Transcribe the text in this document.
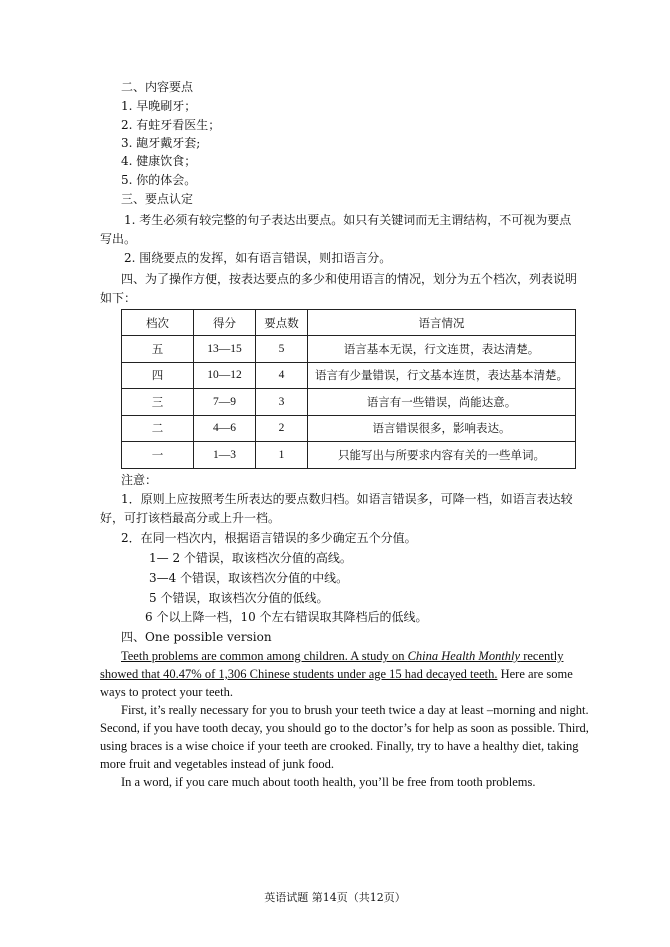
二、内容要点
1. 早晚刷牙；
2. 有蛀牙看医生；
3. 龅牙戴牙套;
4. 健康饮食；
5. 你的体会。
三、要点认定
1. 考生必须有较完整的句子表达出要点。如只有关键词而无主谓结构，不可视为要点
写出。
2. 围绕要点的发挥，如有语言错误，则扣语言分。
四、为了操作方便，按表达要点的多少和使用语言的情况，划分为五个档次，列表说明
如下：
档次	得分	要点数	语言情况
五	13—15	5	语言基本无误，行文连贯，表达清楚。
四	10—12	4	语言有少量错误，行文基本连贯，表达基本清楚。
三	7—9	3	语言有一些错误，尚能达意。
二	4—6	2	语言错误很多，影响表达。
一	1—3	1	只能写出与所要求内容有关的一些单词。
注意：
1．原则上应按照考生所表达的要点数归档。如语言错误多，可降一档，如语言表达较
好，可打该档最高分或上升一档。
2．在同一档次内，根据语言错误的多少确定五个分值。
1— 2 个错误，取该档次分值的高线。
3—4 个错误，取该档次分值的中线。
5 个错误，取该档次分值的低线。
6 个以上降一档，10 个左右错误取其降档后的低线。
四、One possible version
Teeth problems are common among children. A study on China Health Monthly recently
showed that 40.47% of 1,306 Chinese students under age 15 had decayed teeth. Here are some
ways to protect your teeth.
First, it’s really necessary for you to brush your teeth twice a day at least –morning and night.
Second, if you have tooth decay, you should go to the doctor’s for help as soon as possible. Third,
using braces is a wise choice if your teeth are crooked. Finally, try to have a healthy diet, taking
more fruit and vegetables instead of junk food.
In a word, if you care much about tooth health, you’ll be free from tooth problems.
英语试题 第14页（共12页）
